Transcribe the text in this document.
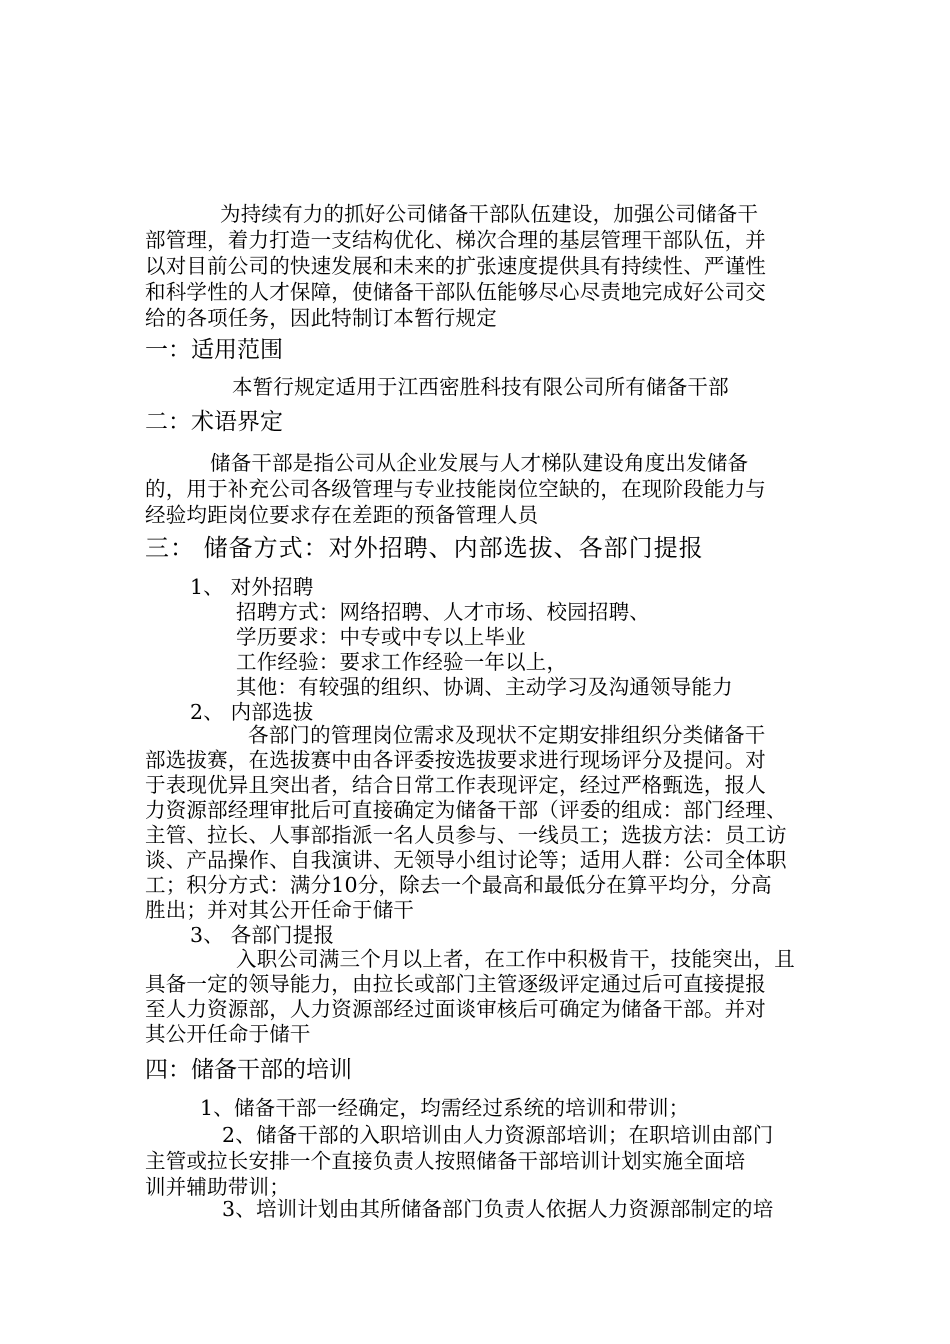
为持续有力的抓好公司储备干部队伍建设，加强公司储备干
部管理，着力打造一支结构优化、梯次合理的基层管理干部队伍，并
以对目前公司的快速发展和未来的扩张速度提供具有持续性、严谨性
和科学性的人才保障，使储备干部队伍能够尽心尽责地完成好公司交
给的各项任务，因此特制订本暂行规定
一：适用范围
本暂行规定适用于江西密胜科技有限公司所有储备干部
二：术语界定
储备干部是指公司从企业发展与人才梯队建设角度出发储备
的，用于补充公司各级管理与专业技能岗位空缺的，在现阶段能力与
经验均距岗位要求存在差距的预备管理人员
三： 储备方式：对外招聘、内部选拔、各部门提报
1、 对外招聘
招聘方式：网络招聘、人才市场、校园招聘、
学历要求：中专或中专以上毕业
工作经验：要求工作经验一年以上，
其他：有较强的组织、协调、主动学习及沟通领导能力
2、 内部选拔
各部门的管理岗位需求及现状不定期安排组织分类储备干
部选拔赛，在选拔赛中由各评委按选拔要求进行现场评分及提问。对
于表现优异且突出者，结合日常工作表现评定，经过严格甄选，报人
力资源部经理审批后可直接确定为储备干部（评委的组成：部门经理、
主管、拉长、人事部指派一名人员参与、一线员工；选拔方法：员工访
谈、产品操作、自我演讲、无领导小组讨论等；适用人群：公司全体职
工；积分方式：满分10分，除去一个最高和最低分在算平均分，分高
胜出；并对其公开任命于储干
3、 各部门提报
入职公司满三个月以上者，在工作中积极肯干，技能突出，且
具备一定的领导能力，由拉长或部门主管逐级评定通过后可直接提报
至人力资源部，人力资源部经过面谈审核后可确定为储备干部。并对
其公开任命于储干
四：储备干部的培训
1、储备干部一经确定，均需经过系统的培训和带训；
2、储备干部的入职培训由人力资源部培训；在职培训由部门
主管或拉长安排一个直接负责人按照储备干部培训计划实施全面培
训并辅助带训；
3、培训计划由其所储备部门负责人依据人力资源部制定的培
